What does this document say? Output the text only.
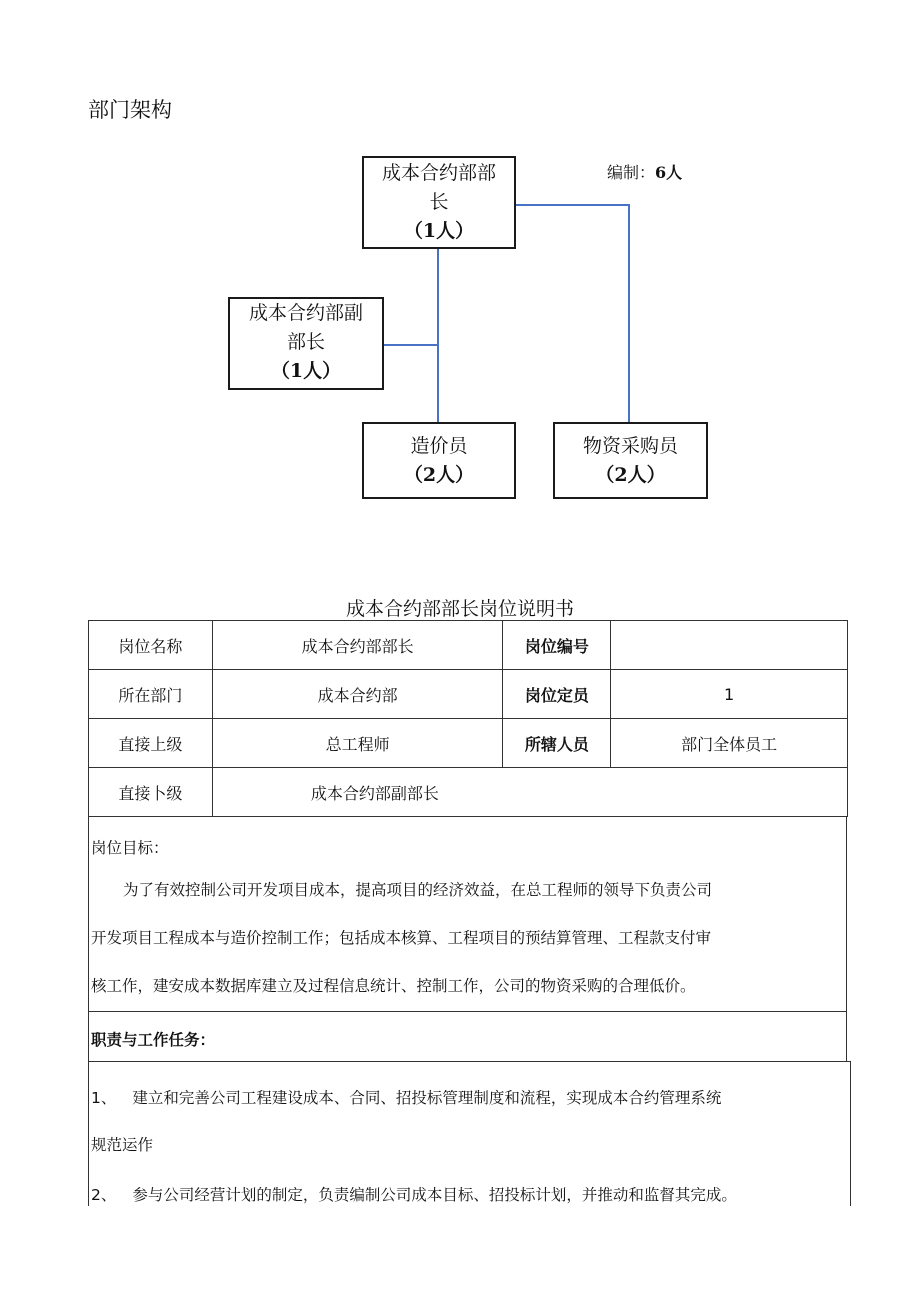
部门架构
成本合约部部
长
（1人）
编制：6人
成本合约部副
部长
（1人）
造价员
（2人）
物资采购员
（2人）
成本合约部部长岗位说明书
岗位名称	成本合约部部长	岗位编号	
所在部门	成本合约部	岗位定员	1
直接上级	总工程师	所辖人员	部门全体员工
直接卜级	成本合约部副部长		
岗位目标：
为了有效控制公司开发项目成本，提高项目的经济效益，在总工程师的领导下负责公司
开发项目工程成本与造价控制工作；包括成本核算、工程项目的预结算管理、工程款支付审
核工作，建安成本数据库建立及过程信息统计、控制工作，公司的物资采购的合理低价。
职责与工作任务：
1、 建立和完善公司工程建设成本、合同、招投标管理制度和流程，实现成本合约管理系统
规范运作
2、 参与公司经营计划的制定，负责编制公司成本目标、招投标计划，并推动和监督其完成。
